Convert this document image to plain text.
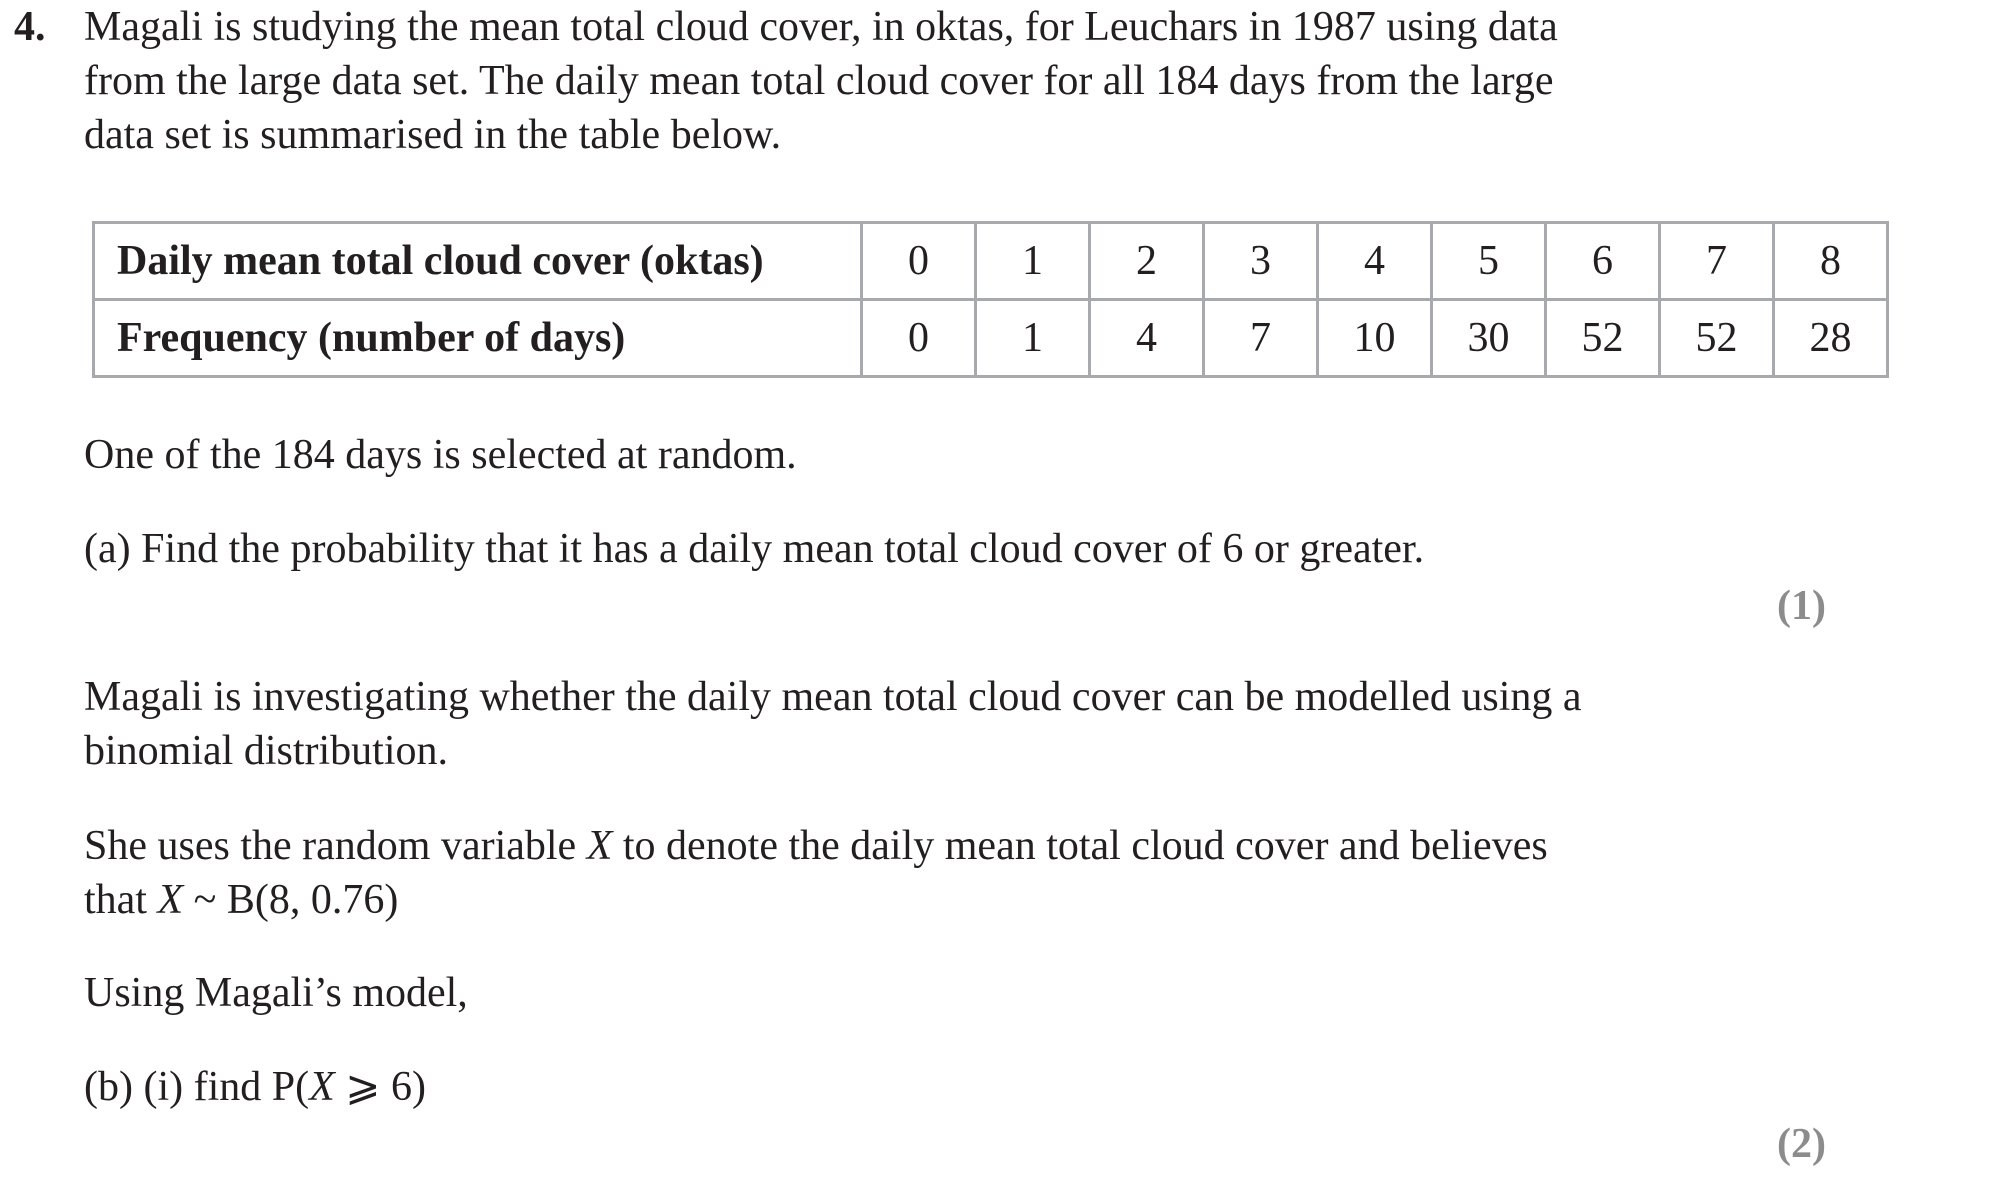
4. Magali is studying the mean total cloud cover, in oktas, for Leuchars in 1987 using data
from the large data set. The daily mean total cloud cover for all 184 days from the large
data set is summarised in the table below.
Daily mean total cloud cover (oktas)	0	1	2	3	4	5	6	7	8
Frequency (number of days)	0	1	4	7	10	30	52	52	28
One of the 184 days is selected at random.
(a) Find the probability that it has a daily mean total cloud cover of 6 or greater.
(1)
Magali is investigating whether the daily mean total cloud cover can be modelled using a
binomial distribution.
She uses the random variable X to denote the daily mean total cloud cover and believes
that X ~ B(8, 0.76)
Using Magali’s model,
(b) (i) find P(X ⩾ 6)
(2)
